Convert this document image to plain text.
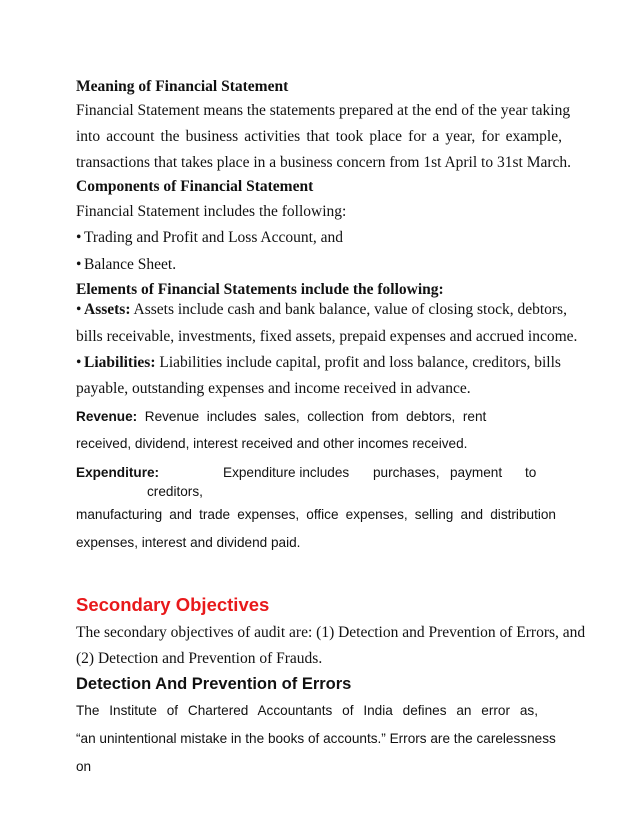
Meaning of Financial Statement

Financial Statement means the statements prepared at the end of the year taking

into account the business activities that took place for a year, for example,

transactions that takes place in a business concern from 1st April to 31st March.

Components of Financial Statement

Financial Statement includes the following:

• Trading and Profit and Loss Account, and

• Balance Sheet.

Elements of Financial Statements include the following:

• Assets: Assets include cash and bank balance, value of closing stock, debtors,

bills receivable, investments, fixed assets, prepaid expenses and accrued income.

• Liabilities: Liabilities include capital, profit and loss balance, creditors, bills

payable, outstanding expenses and income received in advance.

Revenue:  Revenue  includes  sales,  collection  from  debtors,  rent

received, dividend, interest received and other incomes received.

Expenditure:	Expenditure includes purchases, payment to
creditors,

manufacturing and trade expenses, office expenses, selling and distribution

expenses, interest and dividend paid.

Secondary Objectives

The secondary objectives of audit are: (1) Detection and Prevention of Errors, and

(2) Detection and Prevention of Frauds.

Detection And Prevention of Errors

The Institute of Chartered Accountants of India defines an error as,

“an unintentional mistake in the books of accounts.” Errors are the carelessness

on
